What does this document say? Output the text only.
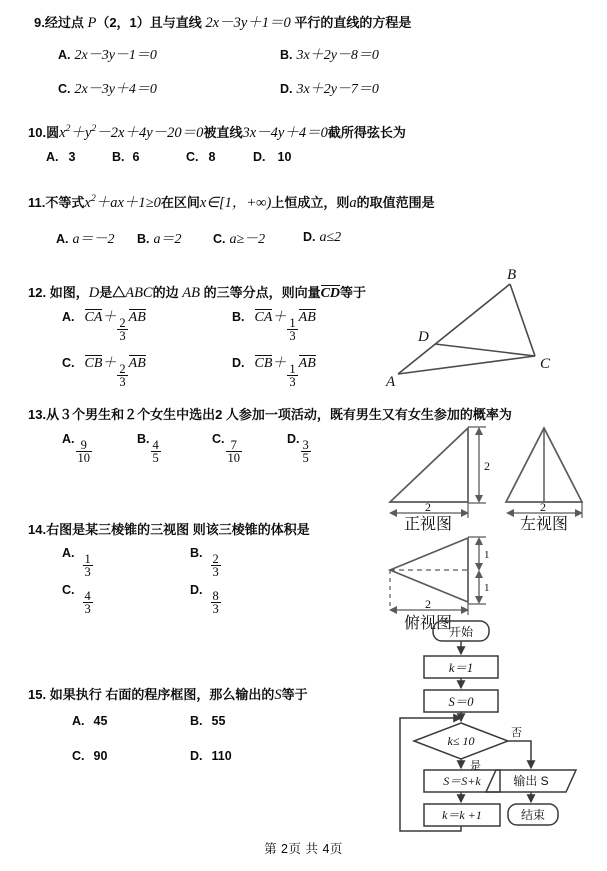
9.经过点 P（2，1）且与直线 2x－3y＋1＝0 平行的直线的方程是
A. 2x－3y－1＝0	B. 3x＋2y－8＝0
C. 2x－3y＋4＝0	D. 3x＋2y－7＝0
10.圆$x^2+y^2-2x+4y-20=0$被直线3x－4y＋4＝0截所得弦长为
A. 3	B. 6	C. 8	D. 10
11.不等式$x^2+ax+1\ge 0$在区间x∈[1，+∞)上恒成立，则a的取值范围是
A. a＝－2 B. a＝2	C. a≥－2	D. a≤2
12. 如图，D是△ABC的边 AB 的三等分点，则向量CD等于
A. $CA+ \frac{2}{3}$ AB	B. $CA+ \frac{1}{3}$ AB
C. $CB+ \frac{2}{3}$ AB	D. $CB+ \frac{1}{3}$ AB
B
D
C
A
13.从３个男生和２个女生中选出2 人参加一项活动，既有男生又有女生参加的概率为
A. $\frac{9}{10}$	B. $\frac{4}{5}$	C. $\frac{7}{10}$	D. $\frac{3}{5}$
14.右图是某三棱锥的三视图 则该三棱锥的体积是
A. $\frac{1}{3}$	B. $\frac{2}{3}$
C. $\frac{4}{3}$	D. $\frac{8}{3}$
2
2	2
1
1
2
正视图	左视图
俯视图
15. 如果执行 右面的程序框图，那么输出的S等于
A. 45	B. 55
C. 90	D. 110
开始
k＝1
S＝0
k≤ 10
是
否
S＝S+k
k＝k +1
输出 S
结束
第 2页 共 4页
